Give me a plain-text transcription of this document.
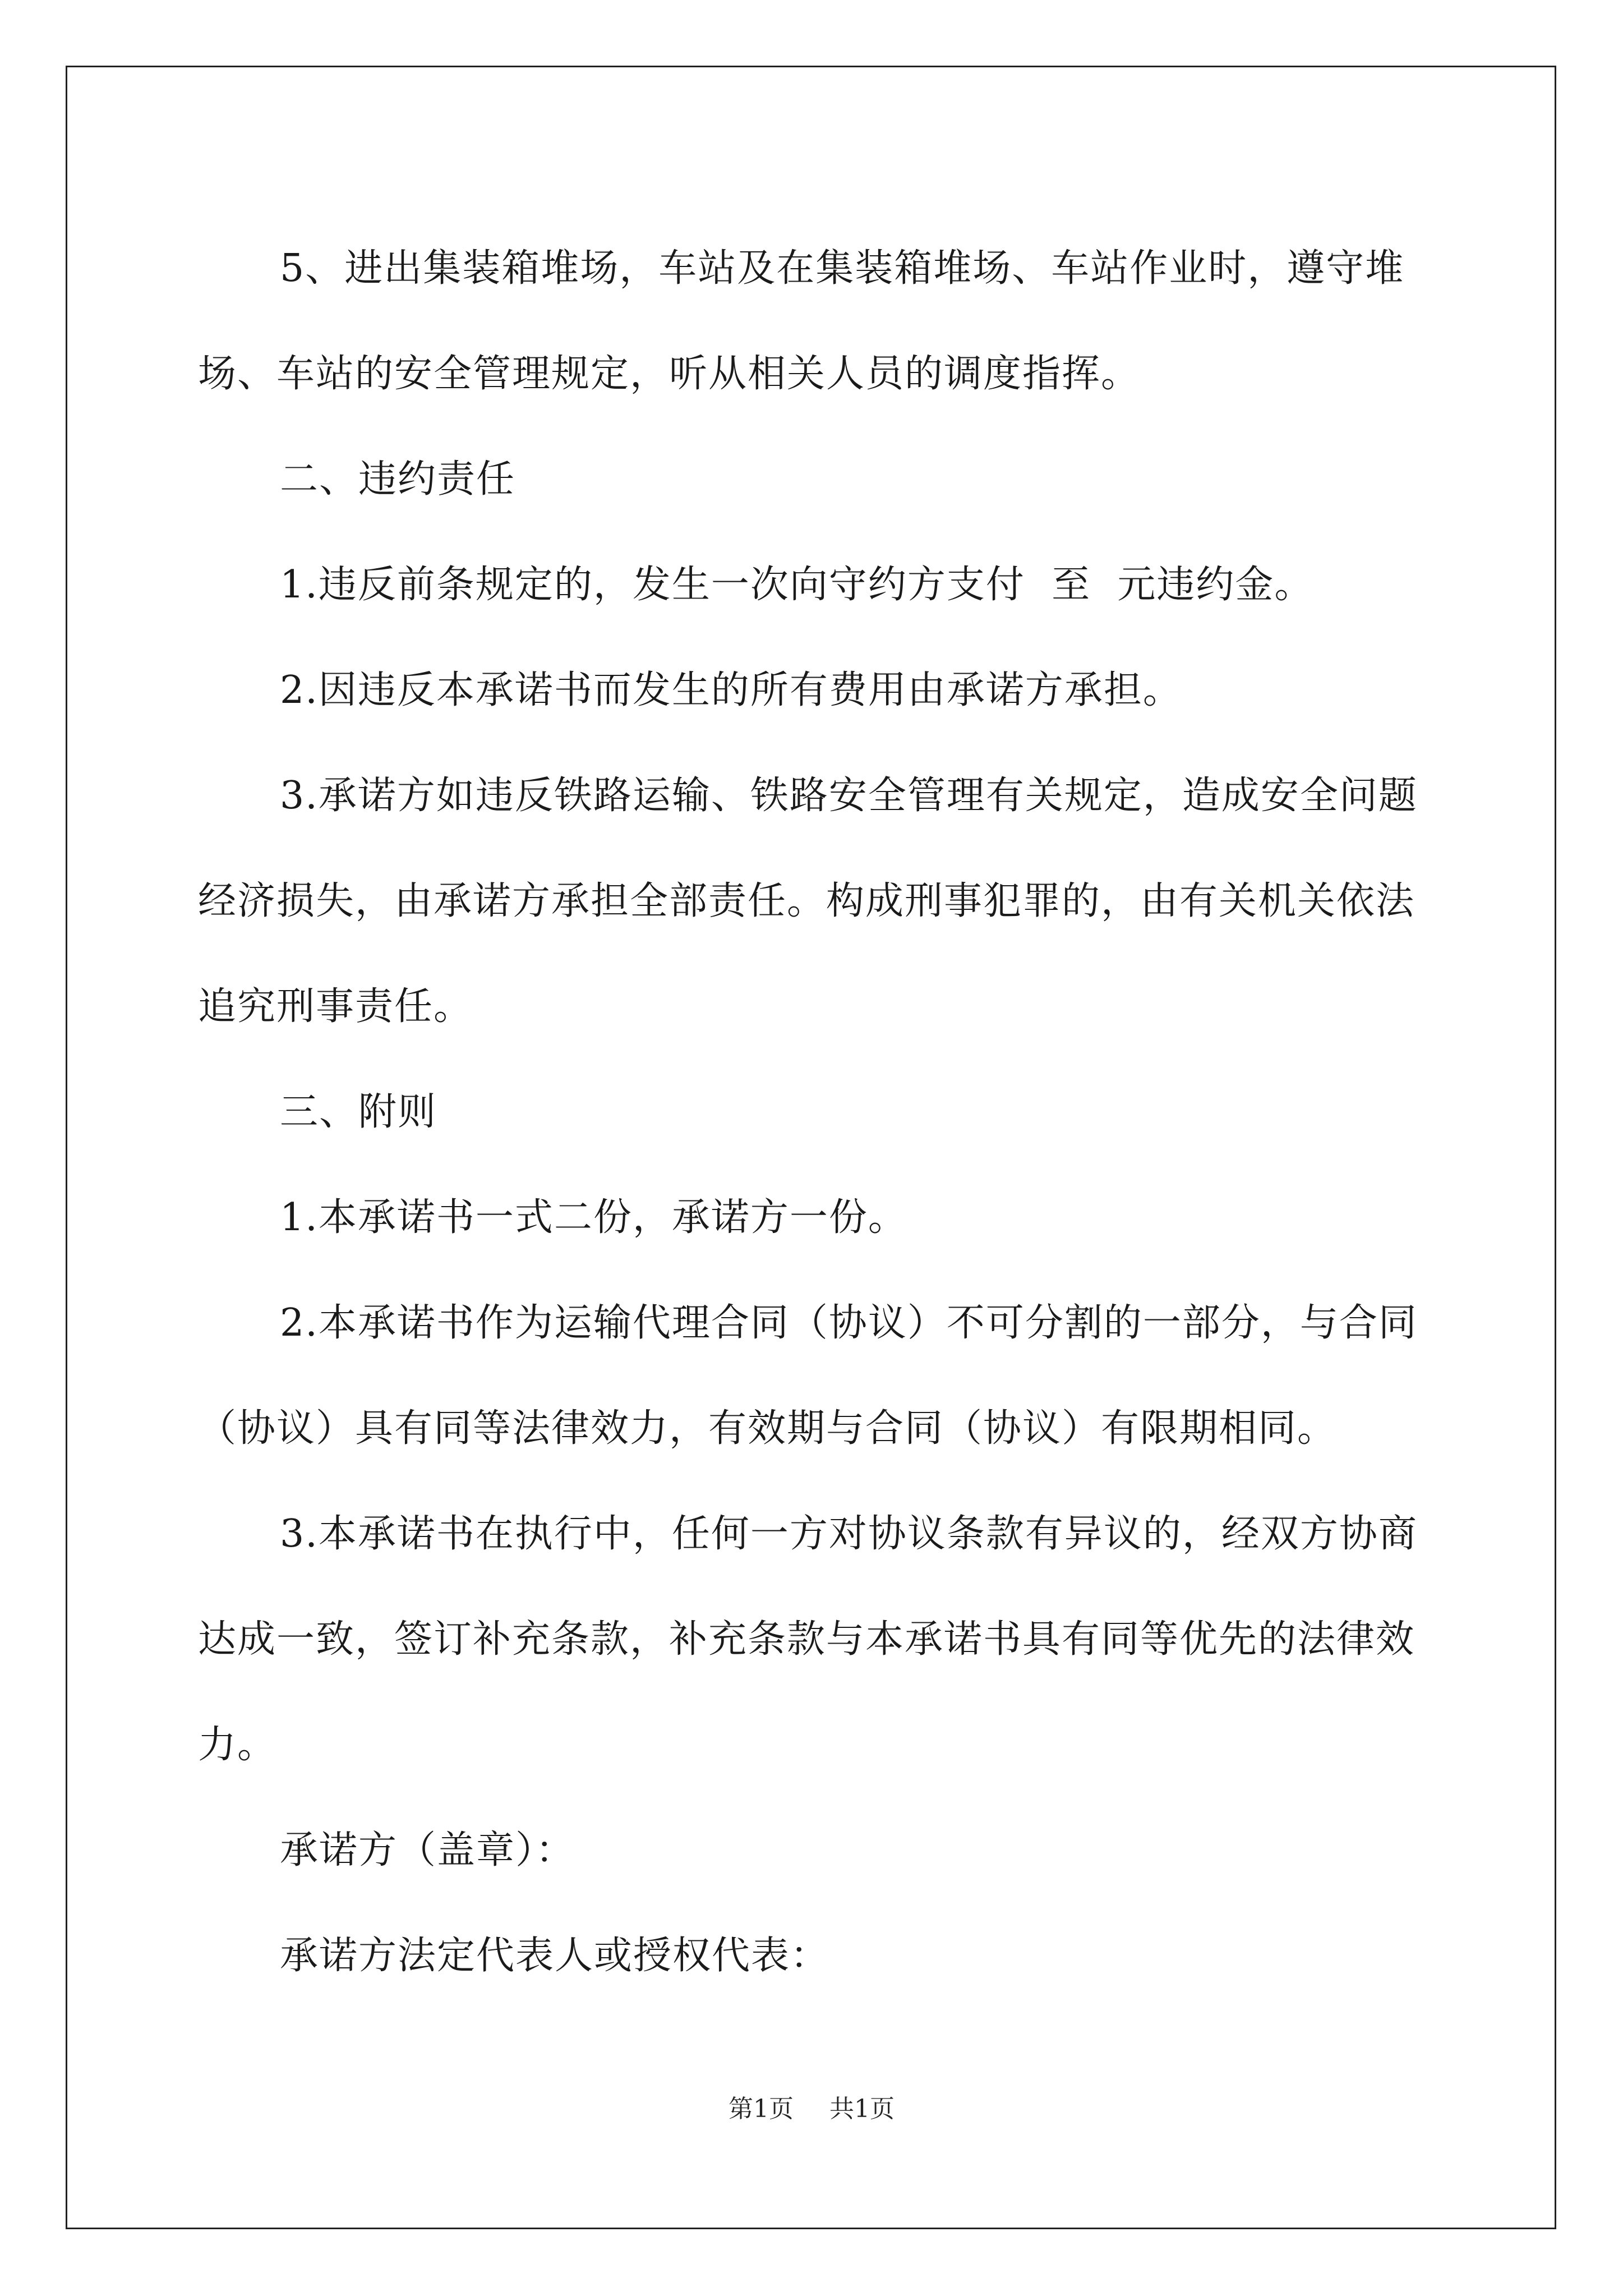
5、进出集装箱堆场，车站及在集装箱堆场、车站作业时，遵守堆场、车站的安全管理规定，听从相关人员的调度指挥。

二、违约责任

1.违反前条规定的，发生一次向守约方支付  至  元违约金。

2.因违反本承诺书而发生的所有费用由承诺方承担。

3.承诺方如违反铁路运输、铁路安全管理有关规定，造成安全问题经济损失，由承诺方承担全部责任。构成刑事犯罪的，由有关机关依法追究刑事责任。

三、附则

1.本承诺书一式二份，承诺方一份。

2.本承诺书作为运输代理合同（协议）不可分割的一部分，与合同（协议）具有同等法律效力，有效期与合同（协议）有限期相同。

3.本承诺书在执行中，任何一方对协议条款有异议的，经双方协商达成一致，签订补充条款，补充条款与本承诺书具有同等优先的法律效力。

承诺方（盖章）：

承诺方法定代表人或授权代表：

第1页 共1页
